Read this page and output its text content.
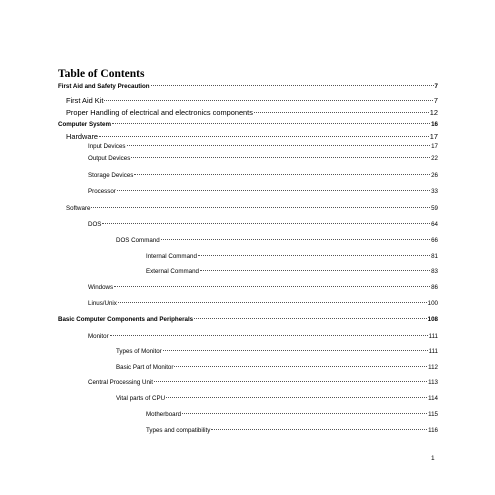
Table of Contents
First Aid and Safety Precaution	7
First Aid Kit	7
Proper Handling of electrical and electronics components	12
Computer System	16
Hardware	17
Input Devices	17
Output Devices	22
Storage Devices	26
Processor	33
Software	59
DOS	64
DOS Command	66
Internal Command	81
External Command	83
Windows	86
Linus/Unix	100
Basic Computer Components and Peripherals	108
Monitor	111
Types of Monitor	111
Basic Part of Monitor	112
Central Processing Unit	113
Vital parts of CPU	114
Motherboard	115
Types and compatibility	116
1
